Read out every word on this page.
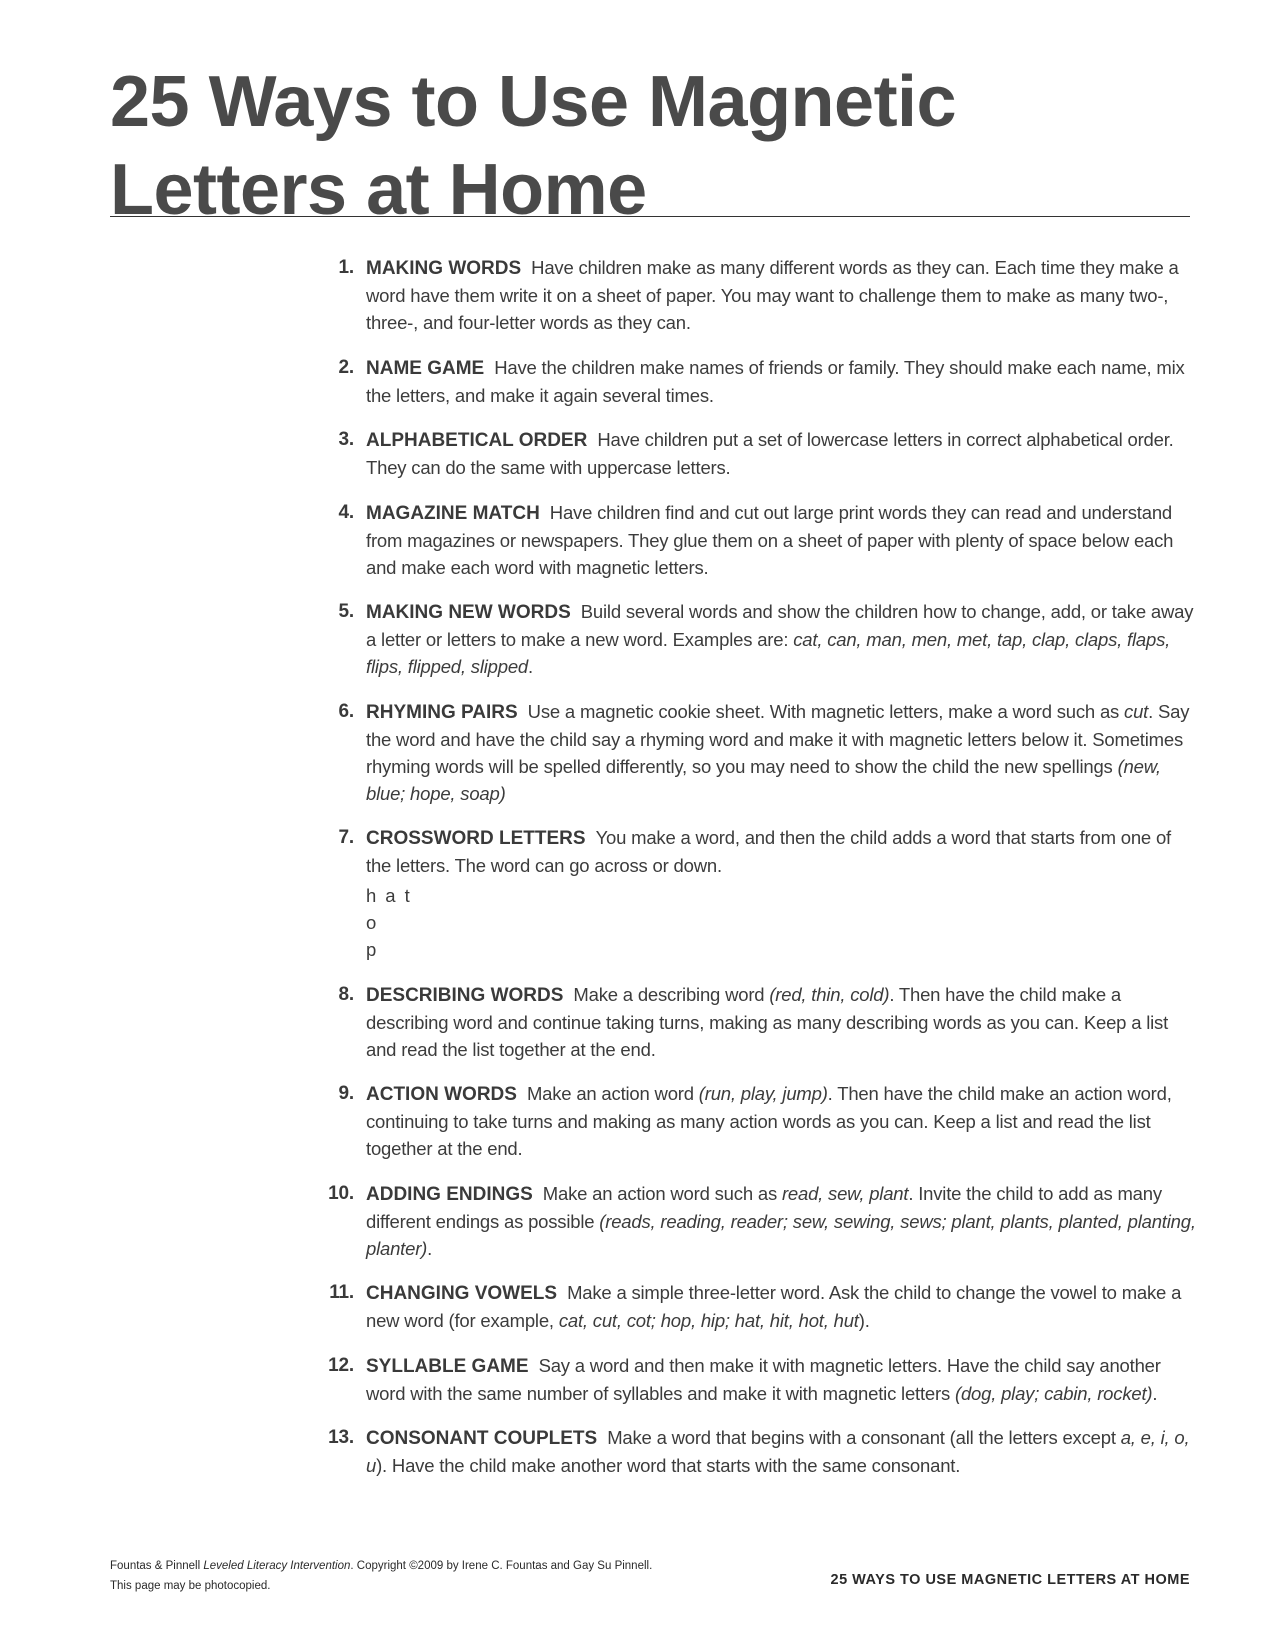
25 Ways to Use Magnetic
Letters at Home
1. MAKING WORDS Have children make as many different words as they can. Each time they make a word have them write it on a sheet of paper. You may want to challenge them to make as many two-, three-, and four-letter words as they can.
2. NAME GAME Have the children make names of friends or family. They should make each name, mix the letters, and make it again several times.
3. ALPHABETICAL ORDER Have children put a set of lowercase letters in correct alphabetical order. They can do the same with uppercase letters.
4. MAGAZINE MATCH Have children find and cut out large print words they can read and understand from magazines or newspapers. They glue them on a sheet of paper with plenty of space below each and make each word with magnetic letters.
5. MAKING NEW WORDS Build several words and show the children how to change, add, or take away a letter or letters to make a new word. Examples are: cat, can, man, men, met, tap, clap, claps, flaps, flips, flipped, slipped.
6. RHYMING PAIRS Use a magnetic cookie sheet. With magnetic letters, make a word such as cut. Say the word and have the child say a rhyming word and make it with magnetic letters below it. Sometimes rhyming words will be spelled differently, so you may need to show the child the new spellings (new, blue; hope, soap)
7. CROSSWORD LETTERS You make a word, and then the child adds a word that starts from one of the letters. The word can go across or down.
hat
o
p
8. DESCRIBING WORDS Make a describing word (red, thin, cold). Then have the child make a describing word and continue taking turns, making as many describing words as you can. Keep a list and read the list together at the end.
9. ACTION WORDS Make an action word (run, play, jump). Then have the child make an action word, continuing to take turns and making as many action words as you can. Keep a list and read the list together at the end.
10. ADDING ENDINGS Make an action word such as read, sew, plant. Invite the child to add as many different endings as possible (reads, reading, reader; sew, sewing, sews; plant, plants, planted, planting, planter).
11. CHANGING VOWELS Make a simple three-letter word. Ask the child to change the vowel to make a new word (for example, cat, cut, cot; hop, hip; hat, hit, hot, hut).
12. SYLLABLE GAME Say a word and then make it with magnetic letters. Have the child say another word with the same number of syllables and make it with magnetic letters (dog, play; cabin, rocket).
13. CONSONANT COUPLETS Make a word that begins with a consonant (all the letters except a, e, i, o, u). Have the child make another word that starts with the same consonant.
Fountas & Pinnell Leveled Literacy Intervention. Copyright ©2009 by Irene C. Fountas and Gay Su Pinnell.
This page may be photocopied.	25 WAYS TO USE MAGNETIC LETTERS AT HOME
